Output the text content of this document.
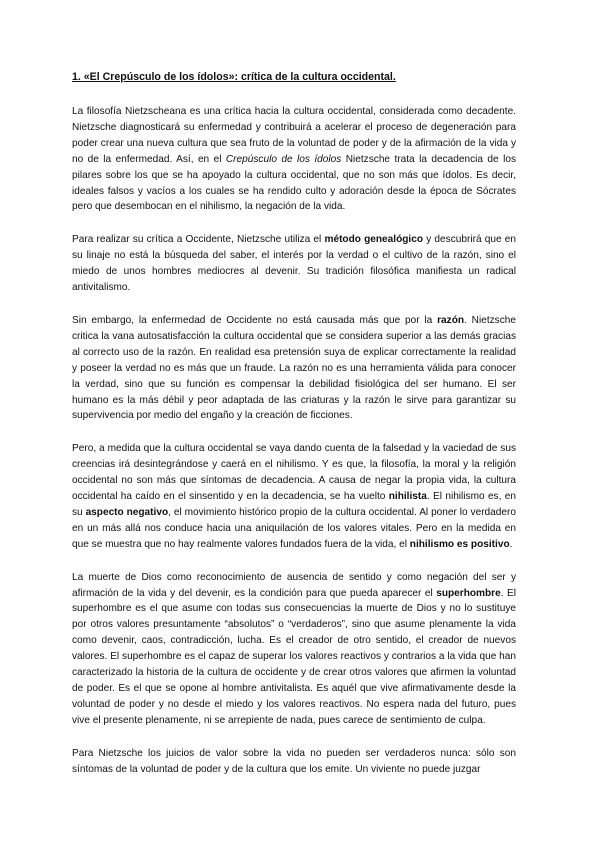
1. «El Crepúsculo de los ídolos»: crítica de la cultura occidental.

La filosofía Nietzscheana es una crítica hacia la cultura occidental, considerada como decadente. Nietzsche diagnosticará su enfermedad y contribuirá a acelerar el proceso de degeneración para poder crear una nueva cultura que sea fruto de la voluntad de poder y de la afirmación de la vida y no de la enfermedad. Así, en el Crepúsculo de los ídolos Nietzsche trata la decadencia de los pilares sobre los que se ha apoyado la cultura occidental, que no son más que ídolos. Es decir, ideales falsos y vacíos a los cuales se ha rendido culto y adoración desde la época de Sócrates pero que desembocan en el nihilismo, la negación de la vida.

Para realizar su crítica a Occidente, Nietzsche utiliza el método genealógico y descubrirá que en su linaje no está la búsqueda del saber, el interés por la verdad o el cultivo de la razón, sino el miedo de unos hombres mediocres al devenir. Su tradición filosófica manifiesta un radical antivitalismo.

Sin embargo, la enfermedad de Occidente no está causada más que por la razón. Nietzsche critica la vana autosatisfacción la cultura occidental que se considera superior a las demás gracias al correcto uso de la razón. En realidad esa pretensión suya de explicar correctamente la realidad y poseer la verdad no es más que un fraude. La razón no es una herramienta válida para conocer la verdad, sino que su función es compensar la debilidad fisiológica del ser humano. El ser humano es la más débil y peor adaptada de las criaturas y la razón le sirve para garantizar su supervivencia por medio del engaño y la creación de ficciones.

Pero, a medida que la cultura occidental se vaya dando cuenta de la falsedad y la vaciedad de sus creencias irá desintegrándose y caerá en el nihilismo. Y es que, la filosofía, la moral y la religión occidental no son más que síntomas de decadencia. A causa de negar la propia vida, la cultura occidental ha caído en el sinsentido y en la decadencia, se ha vuelto nihilista. El nihilismo es, en su aspecto negativo, el movimiento histórico propio de la cultura occidental. Al poner lo verdadero en un más allá nos conduce hacia una aniquilación de los valores vitales. Pero en la medida en que se muestra que no hay realmente valores fundados fuera de la vida, el nihilismo es positivo.

La muerte de Dios como reconocimiento de ausencia de sentido y como negación del ser y afirmación de la vida y del devenir, es la condición para que pueda aparecer el superhombre. El superhombre es el que asume con todas sus consecuencias la muerte de Dios y no lo sustituye por otros valores presuntamente “absolutos” o “verdaderos”, sino que asume plenamente la vida como devenir, caos, contradicción, lucha. Es el creador de otro sentido, el creador de nuevos valores. El superhombre es el capaz de superar los valores reactivos y contrarios a la vida que han caracterizado la historia de la cultura de occidente y de crear otros valores que afirmen la voluntad de poder. Es el que se opone al hombre antivitalista. Es aquél que vive afirmativamente desde la voluntad de poder y no desde el miedo y los valores reactivos. No espera nada del futuro, pues vive el presente plenamente, ni se arrepiente de nada, pues carece de sentimiento de culpa.

Para Nietzsche los juicios de valor sobre la vida no pueden ser verdaderos nunca: sólo son síntomas de la voluntad de poder y de la cultura que los emite. Un viviente no puede juzgar
